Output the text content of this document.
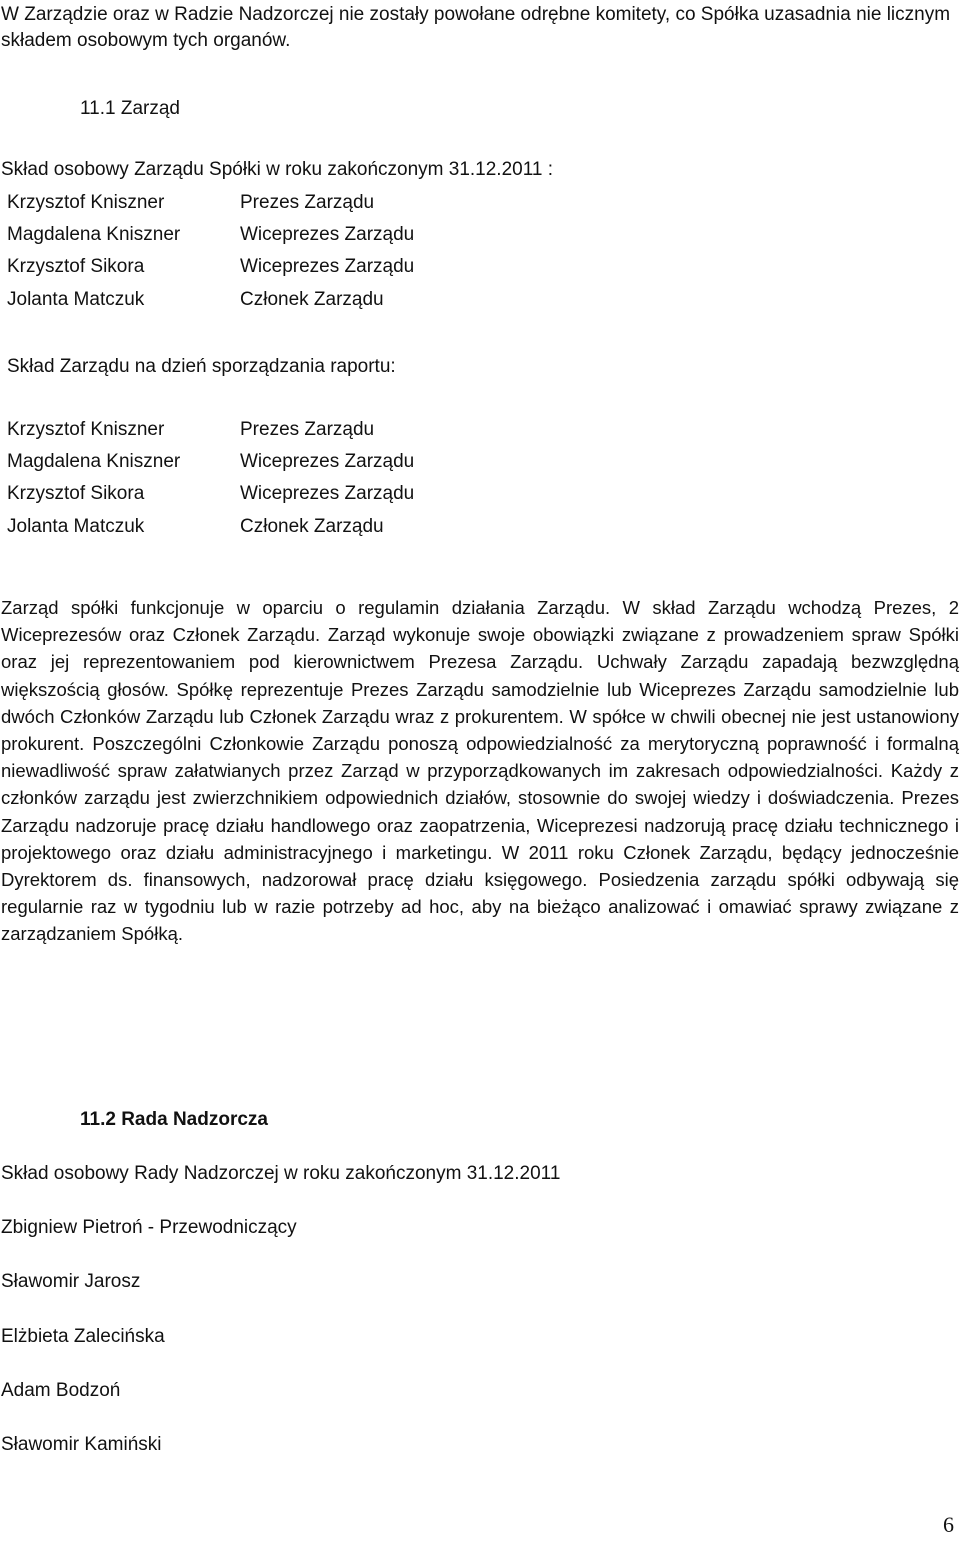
W Zarządzie oraz w Radzie Nadzorczej nie zostały powołane odrębne komitety, co Spółka uzasadnia nie licznym składem osobowym tych organów.
11.1 Zarząd
Skład osobowy Zarządu Spółki w roku zakończonym 31.12.2011 :
Krzysztof Kniszner	Prezes Zarządu
Magdalena Kniszner	Wiceprezes Zarządu
Krzysztof Sikora	Wiceprezes Zarządu
Jolanta Matczuk	Członek Zarządu
Skład Zarządu na dzień sporządzania raportu:
Krzysztof Kniszner	Prezes Zarządu
Magdalena Kniszner	Wiceprezes Zarządu
Krzysztof Sikora	Wiceprezes Zarządu
Jolanta Matczuk	Członek Zarządu
Zarząd spółki funkcjonuje w oparciu o regulamin działania Zarządu. W skład Zarządu wchodzą Prezes, 2 Wiceprezesów oraz Członek Zarządu. Zarząd wykonuje swoje obowiązki związane z prowadzeniem spraw Spółki oraz jej reprezentowaniem pod kierownictwem Prezesa Zarządu. Uchwały Zarządu zapadają bezwzględną większością głosów. Spółkę reprezentuje Prezes Zarządu samodzielnie lub Wiceprezes Zarządu samodzielnie lub dwóch Członków Zarządu lub Członek Zarządu wraz z prokurentem. W spółce w chwili obecnej nie jest ustanowiony prokurent. Poszczególni Członkowie Zarządu ponoszą odpowiedzialność za merytoryczną poprawność i formalną niewadliwość spraw załatwianych przez Zarząd w przyporządkowanych im zakresach odpowiedzialności. Każdy z członków zarządu jest zwierzchnikiem odpowiednich działów, stosownie do swojej wiedzy i doświadczenia. Prezes Zarządu nadzoruje pracę działu handlowego oraz zaopatrzenia, Wiceprezesi nadzorują pracę działu technicznego i projektowego oraz działu administracyjnego i marketingu. W 2011 roku Członek Zarządu, będący jednocześnie Dyrektorem ds. finansowych, nadzorował pracę działu księgowego. Posiedzenia zarządu spółki odbywają się regularnie raz w tygodniu lub w razie potrzeby ad hoc, aby na bieżąco analizować i omawiać sprawy związane z zarządzaniem Spółką.
11.2 Rada Nadzorcza
Skład osobowy Rady Nadzorczej w roku zakończonym 31.12.2011
Zbigniew Pietroń - Przewodniczący
Sławomir Jarosz
Elżbieta Zalecińska
Adam Bodzoń
Sławomir Kamiński
6
